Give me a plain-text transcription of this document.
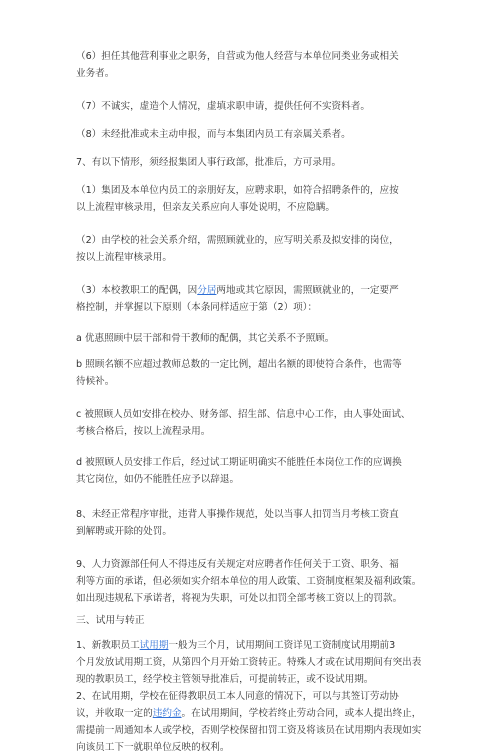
（6）担任其他营利事业之职务，自营或为他人经营与本单位同类业务或相关
业务者。
（7）不诚实，虚造个人情况，虚填求职申请，提供任何不实资料者。
（8）未经批准或未主动申报，而与本集团内员工有亲属关系者。
7、有以下情形，须经报集团人事行政部，批准后，方可录用。
（1）集团及本单位内员工的亲朋好友，应聘求职，如符合招聘条件的，应按
以上流程审核录用，但亲友关系应向人事处说明，不应隐瞒。
（2）由学校的社会关系介绍，需照顾就业的，应写明关系及拟安排的岗位，
按以上流程审核录用。
（3）本校教职工的配偶，因分居两地或其它原因，需照顾就业的，一定要严
格控制，并掌握以下原则（本条同样适应于第（2）项）：
a 优惠照顾中层干部和骨干教师的配偶，其它关系不予照顾。
b 照顾名额不应超过教师总数的一定比例，超出名额的即使符合条件，也需等
待候补。
c 被照顾人员如安排在校办、财务部、招生部、信息中心工作，由人事处面试、
考核合格后，按以上流程录用。
d 被照顾人员安排工作后，经过试工期证明确实不能胜任本岗位工作的应调换
其它岗位，如仍不能胜任应予以辞退。
8、未经正常程序审批，违背人事操作规范，处以当事人扣罚当月考核工资直
到解聘或开除的处罚。
9、人力资源部任何人不得违反有关规定对应聘者作任何关于工资、职务、福
利等方面的承诺，但必须如实介绍本单位的用人政策、工资制度框架及福利政策。
如出现违规私下承诺者，将视为失职，可处以扣罚全部考核工资以上的罚款。
三、试用与转正
1、新教职员工试用期一般为三个月，试用期间工资详见工资制度试用期前3
个月发放试用期工资，从第四个月开始工资转正。特殊人才或在试用期间有突出表
现的教职员工，经学校主管领导批准后，可提前转正，或不设试用期。
2、在试用期，学校在征得教职员工本人同意的情况下，可以与其签订劳动协
议，并收取一定的违约金。在试用期间，学校若终止劳动合同，或本人提出终止，
需提前一周通知本人或学校，否则学校保留扣罚工资及将该员在试用期内表现如实
向该员工下一就职单位反映的权利。
